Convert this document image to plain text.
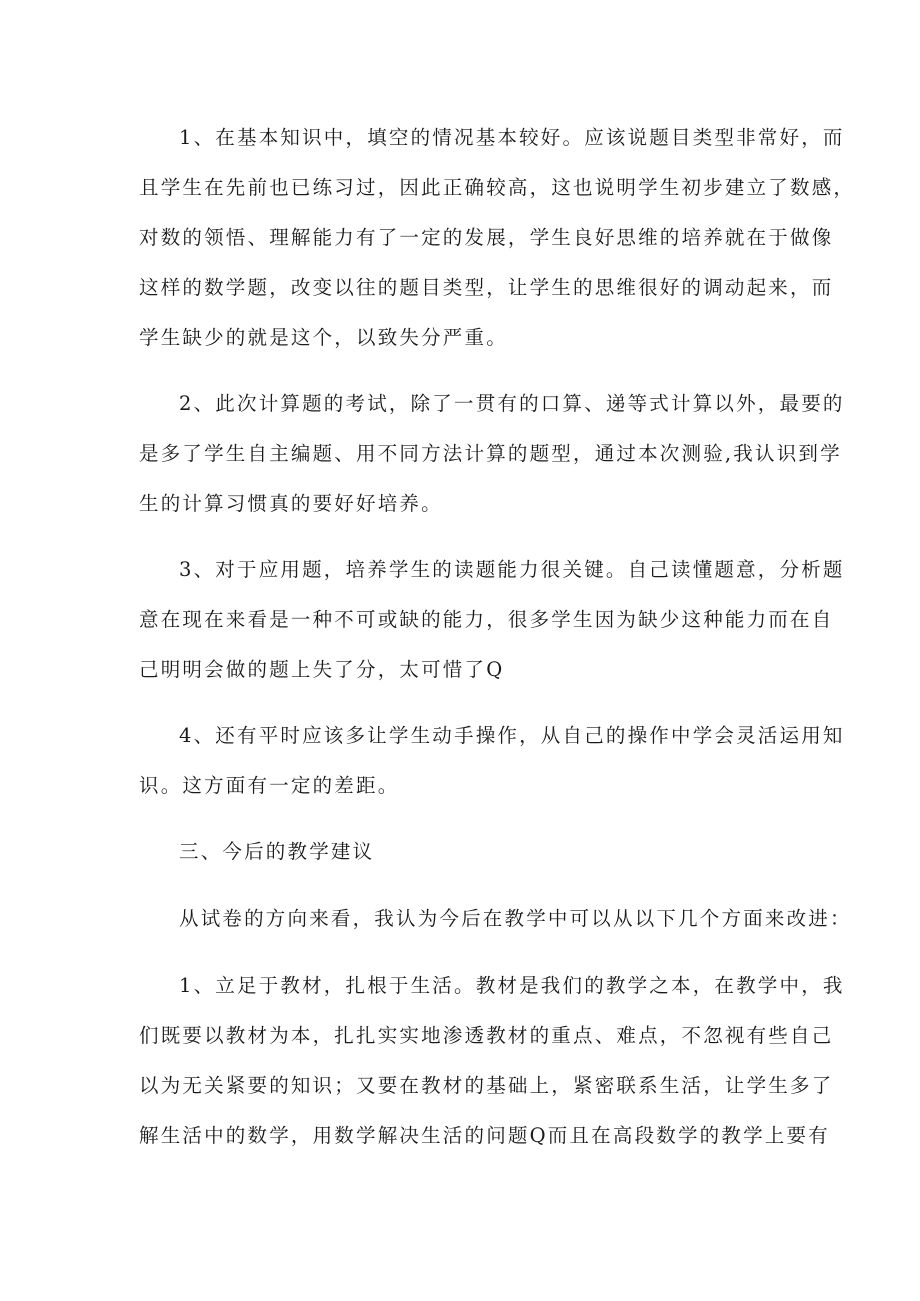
1、在基本知识中，填空的情况基本较好。应该说题目类型非常好，而
且学生在先前也已练习过，因此正确较高，这也说明学生初步建立了数感，
对数的领悟、理解能力有了一定的发展，学生良好思维的培养就在于做像
这样的数学题，改变以往的题目类型，让学生的思维很好的调动起来，而
学生缺少的就是这个，以致失分严重。
2、此次计算题的考试，除了一贯有的口算、递等式计算以外，最要的
是多了学生自主编题、用不同方法计算的题型，通过本次测验,我认识到学
生的计算习惯真的要好好培养。
3、对于应用题，培养学生的读题能力很关键。自己读懂题意，分析题
意在现在来看是一种不可或缺的能力，很多学生因为缺少这种能力而在自
己明明会做的题上失了分，太可惜了Q
4、还有平时应该多让学生动手操作，从自己的操作中学会灵活运用知
识。这方面有一定的差距。
三、今后的教学建议
从试卷的方向来看，我认为今后在教学中可以从以下几个方面来改进：
1、立足于教材，扎根于生活。教材是我们的教学之本，在教学中，我
们既要以教材为本，扎扎实实地渗透教材的重点、难点，不忽视有些自己
以为无关紧要的知识；又要在教材的基础上，紧密联系生活，让学生多了
解生活中的数学，用数学解决生活的问题Q而且在高段数学的教学上要有
